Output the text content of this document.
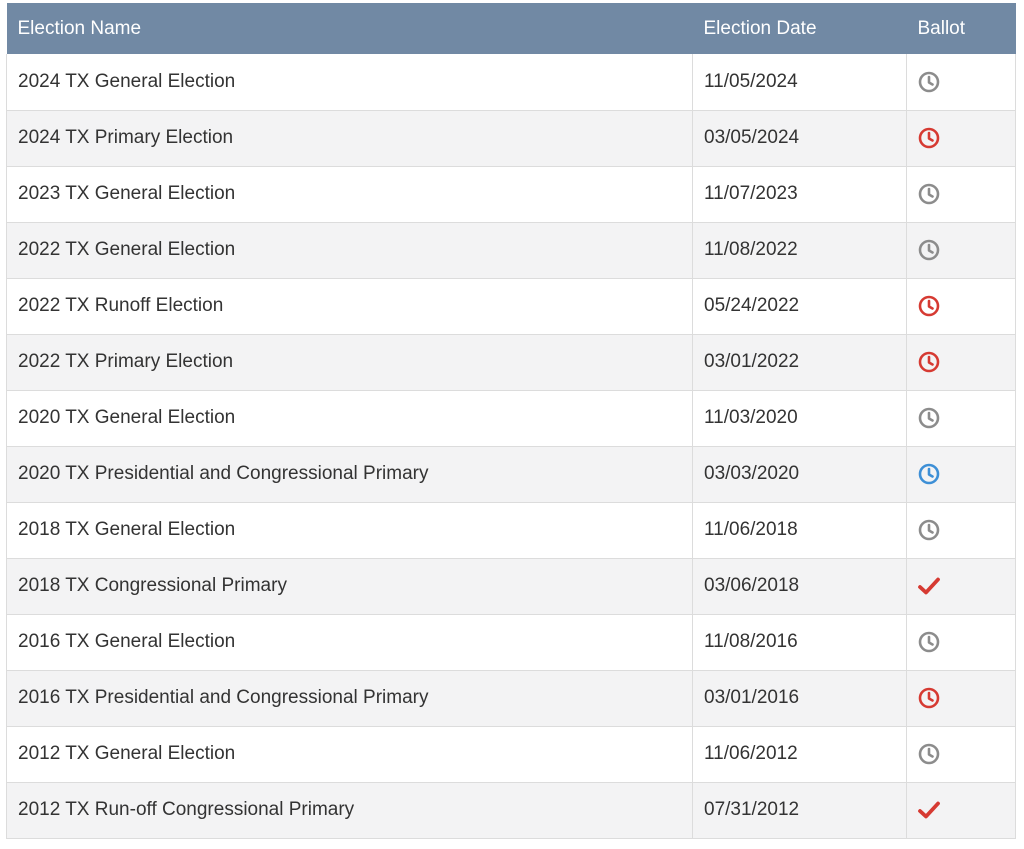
Election Name	Election Date	Ballot
2024 TX General Election	11/05/2024	

2024 TX Primary Election	03/05/2024	

2023 TX General Election	11/07/2023	

2022 TX General Election	11/08/2022	

2022 TX Runoff Election	05/24/2022	

2022 TX Primary Election	03/01/2022	

2020 TX General Election	11/03/2020	

2020 TX Presidential and Congressional Primary	03/03/2020	

2018 TX General Election	11/06/2018	

2018 TX Congressional Primary	03/06/2018	

2016 TX General Election	11/08/2016	

2016 TX Presidential and Congressional Primary	03/01/2016	

2012 TX General Election	11/06/2012	

2012 TX Run-off Congressional Primary	07/31/2012	
